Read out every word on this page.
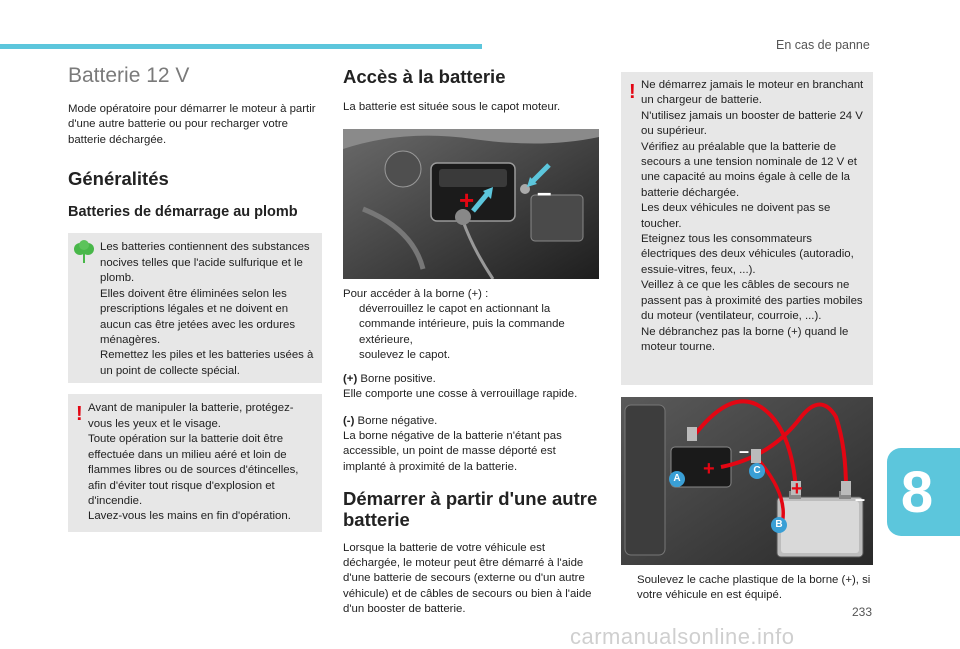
En cas de panne
Batterie 12 V
Mode opératoire pour démarrer le moteur à partir d'une autre batterie ou pour recharger votre batterie déchargée.
Généralités
Batteries de démarrage au plomb
Les batteries contiennent des substances nocives telles que l'acide sulfurique et le plomb.
Elles doivent être éliminées selon les prescriptions légales et ne doivent en aucun cas être jetées avec les ordures ménagères.
Remettez les piles et les batteries usées à un point de collecte spécial.
! Avant de manipuler la batterie, protégez-vous les yeux et le visage.
Toute opération sur la batterie doit être effectuée dans un milieu aéré et loin de flammes libres ou de sources d'étincelles, afin d'éviter tout risque d'explosion et d'incendie.
Lavez-vous les mains en fin d'opération.
Accès à la batterie
La batterie est située sous le capot moteur.
+ –
Pour accéder à la borne (+) :
déverrouillez le capot en actionnant la commande intérieure, puis la commande extérieure,
soulevez le capot.
(+) Borne positive.
Elle comporte une cosse à verrouillage rapide.
(-) Borne négative.
La borne négative de la batterie n'étant pas accessible, un point de masse déporté est implanté à proximité de la batterie.
Démarrer à partir d'une autre batterie
Lorsque la batterie de votre véhicule est déchargée, le moteur peut être démarré à l'aide d'une batterie de secours (externe ou d'un autre véhicule) et de câbles de secours ou bien à l'aide d'un booster de batterie.
! Ne démarrez jamais le moteur en branchant un chargeur de batterie.
N'utilisez jamais un booster de batterie 24 V ou supérieur.
Vérifiez au préalable que la batterie de secours a une tension nominale de 12 V et une capacité au moins égale à celle de la batterie déchargée.
Les deux véhicules ne doivent pas se toucher.
Eteignez tous les consommateurs électriques des deux véhicules (autoradio, essuie-vitres, feux, ...).
Veillez à ce que les câbles de secours ne passent pas à proximité des parties mobiles du moteur (ventilateur, courroie, ...).
Ne débranchez pas la borne (+) quand le moteur tourne.
+
+
–
–
A
B
C
Soulevez le cache plastique de la borne (+), si votre véhicule en est équipé.
8
233
carmanualsonline.info
